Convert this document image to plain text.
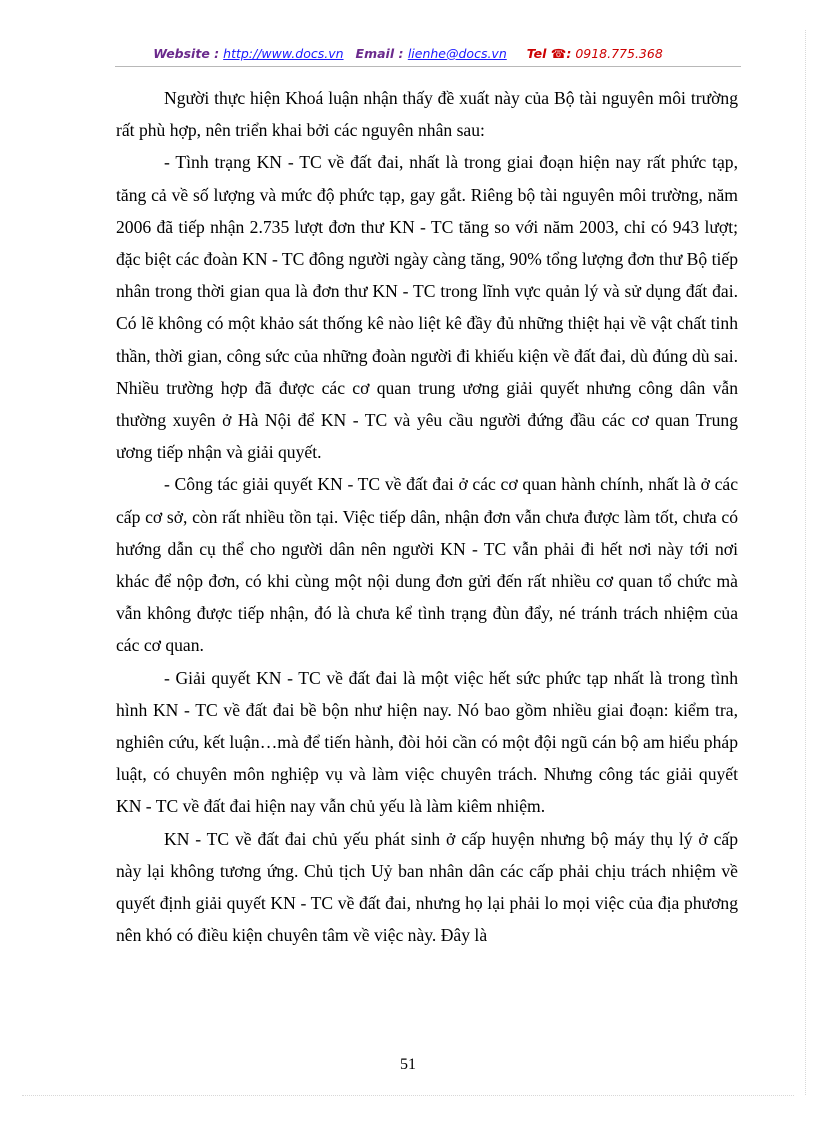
Website : http://www.docs.vn Email : lienhe@docs.vn Tel ☎: 0918.775.368

Người thực hiện Khoá luận nhận thấy đề xuất này của Bộ tài nguyên môi trường rất phù hợp, nên triển khai bởi các nguyên nhân sau:

- Tình trạng KN - TC về đất đai, nhất là trong giai đoạn hiện nay rất phức tạp, tăng cả về số lượng và mức độ phức tạp, gay gắt. Riêng bộ tài nguyên môi trường, năm 2006 đã tiếp nhận 2.735 lượt đơn thư KN - TC tăng so với năm 2003, chỉ có 943 lượt; đặc biệt các đoàn KN - TC đông người ngày càng tăng, 90% tổng lượng đơn thư Bộ tiếp nhân trong thời gian qua là đơn thư KN - TC trong lĩnh vực quản lý và sử dụng đất đai. Có lẽ không có một khảo sát thống kê nào liệt kê đầy đủ những thiệt hại về vật chất tinh thần, thời gian, công sức của những đoàn người đi khiếu kiện về đất đai, dù đúng dù sai. Nhiều trường hợp đã được các cơ quan trung ương giải quyết nhưng công dân vẫn thường xuyên ở Hà Nội để KN - TC và yêu cầu người đứng đầu các cơ quan Trung ương tiếp nhận và giải quyết.

- Công tác giải quyết KN - TC về đất đai ở các cơ quan hành chính, nhất là ở các cấp cơ sở, còn rất nhiều tồn tại. Việc tiếp dân, nhận đơn vẫn chưa được làm tốt, chưa có hướng dẫn cụ thể cho người dân nên người KN - TC vẫn phải đi hết nơi này tới nơi khác để nộp đơn, có khi cùng một nội dung đơn gửi đến rất nhiều cơ quan tổ chức mà vẫn không được tiếp nhận, đó là chưa kể tình trạng đùn đẩy, né tránh trách nhiệm của các cơ quan.

- Giải quyết KN - TC về đất đai là một việc hết sức phức tạp nhất là trong tình hình KN - TC về đất đai bề bộn như hiện nay. Nó bao gồm nhiều giai đoạn: kiểm tra, nghiên cứu, kết luận…mà để tiến hành, đòi hỏi cần có một đội ngũ cán bộ am hiểu pháp luật, có chuyên môn nghiệp vụ và làm việc chuyên trách. Nhưng công tác giải quyết KN - TC về đất đai hiện nay vẫn chủ yếu là làm kiêm nhiệm.

KN - TC về đất đai chủ yếu phát sinh ở cấp huyện nhưng bộ máy thụ lý ở cấp này lại không tương ứng. Chủ tịch Uỷ ban nhân dân các cấp phải chịu trách nhiệm về quyết định giải quyết KN - TC về đất đai, nhưng họ lại phải lo mọi việc của địa phương nên khó có điều kiện chuyên tâm về việc này. Đây là

51
